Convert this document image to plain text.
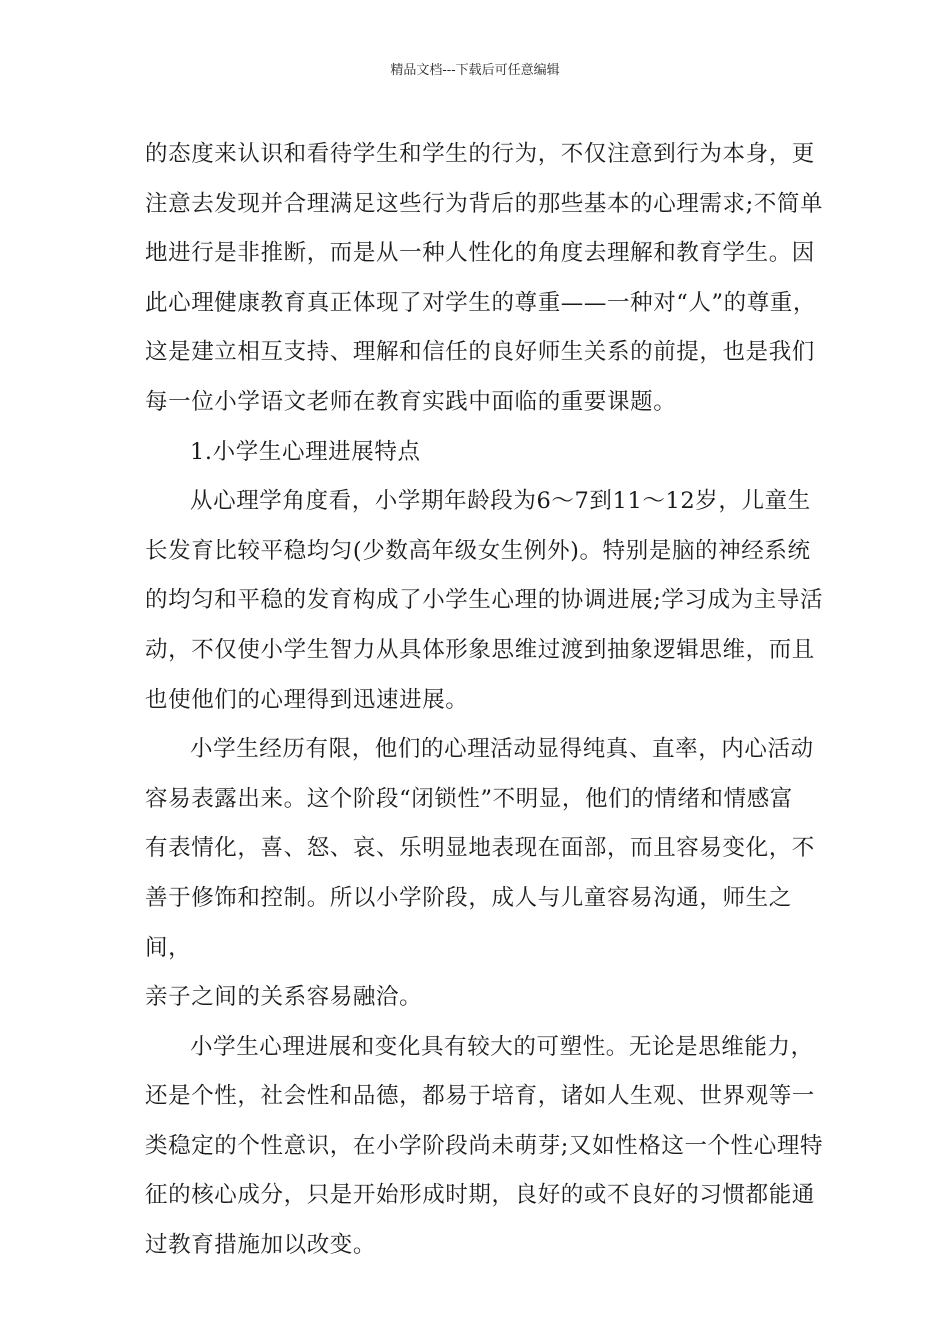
精品文档---下载后可任意编辑
的态度来认识和看待学生和学生的行为，不仅注意到行为本身，更
注意去发现并合理满足这些行为背后的那些基本的心理需求;不简单
地进行是非推断，而是从一种人性化的角度去理解和教育学生。因
此心理健康教育真正体现了对学生的尊重——一种对“人”的尊重，
这是建立相互支持、理解和信任的良好师生关系的前提，也是我们
每一位小学语文老师在教育实践中面临的重要课题。
1.小学生心理进展特点
从心理学角度看，小学期年龄段为6～7到11～12岁，儿童生
长发育比较平稳均匀(少数高年级女生例外)。特别是脑的神经系统
的均匀和平稳的发育构成了小学生心理的协调进展;学习成为主导活
动，不仅使小学生智力从具体形象思维过渡到抽象逻辑思维，而且
也使他们的心理得到迅速进展。
小学生经历有限，他们的心理活动显得纯真、直率，内心活动
容易表露出来。这个阶段“闭锁性”不明显，他们的情绪和情感富
有表情化，喜、怒、哀、乐明显地表现在面部，而且容易变化，不
善于修饰和控制。所以小学阶段，成人与儿童容易沟通，师生之间，
亲子之间的关系容易融洽。
小学生心理进展和变化具有较大的可塑性。无论是思维能力，
还是个性，社会性和品德，都易于培育，诸如人生观、世界观等一
类稳定的个性意识，在小学阶段尚未萌芽;又如性格这一个性心理特
征的核心成分，只是开始形成时期，良好的或不良好的习惯都能通
过教育措施加以改变。
